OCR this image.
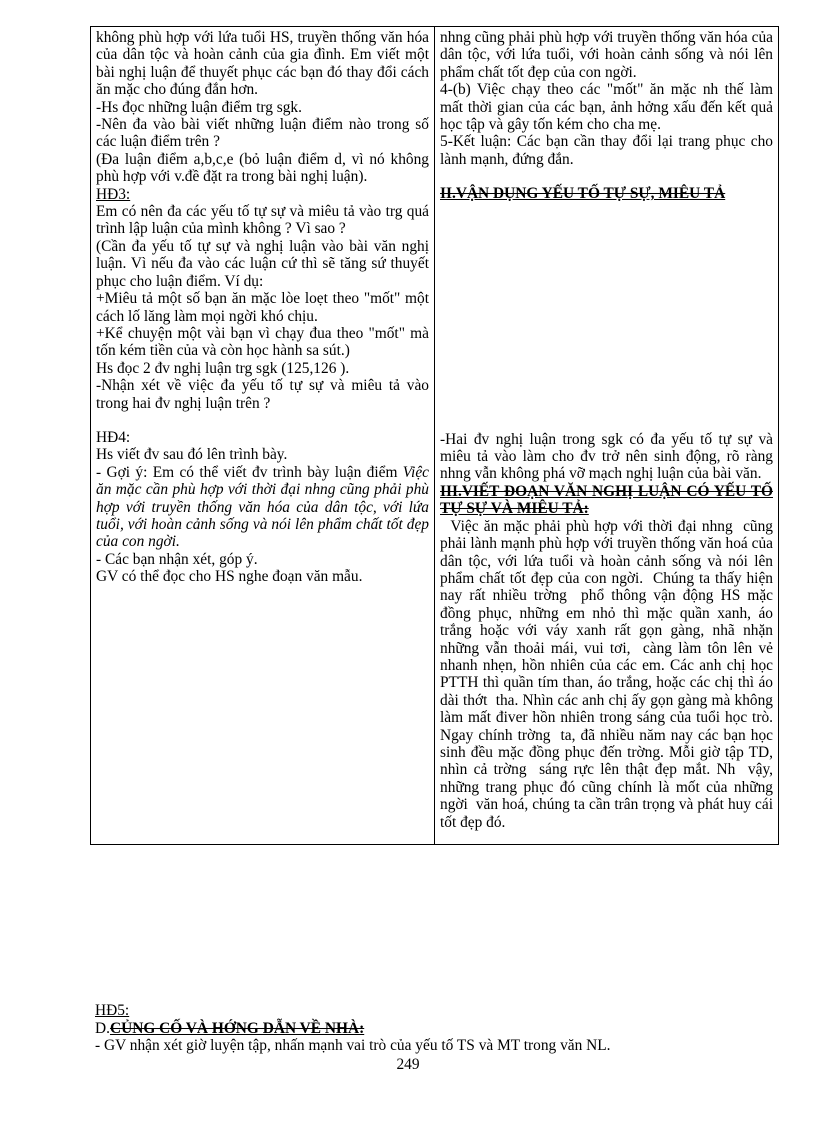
không phù hợp với lứa tuổi HS, truyền thống văn hóa của dân tộc và hoàn cảnh của gia đình. Em viết một bài nghị luận để thuyết phục các bạn đó thay đổi cách ăn mặc cho đúng đắn hơn.

-Hs đọc những luận điểm trg sgk.

-Nên đa vào bài viết những luận điểm nào trong số các luận điểm trên ?

(Đa luận điểm a,b,c,e (bỏ luận điểm d, vì nó không phù hợp với v.đề đặt ra trong bài nghị luận).

HĐ3:

Em có nên đa các yếu tố tự sự và miêu tả vào trg quá trình lập luận của mình không ? Vì sao ?

(Cần đa yếu tố tự sự và nghị luận vào bài văn nghị luận. Vì nếu đa vào các luận cứ thì sẽ tăng sứ thuyết phục cho luận điểm. Ví dụ:

+Miêu tả một số bạn ăn mặc lòe loẹt theo "mốt" một cách lố lăng làm mọi ngời khó chịu.

+Kể chuyện một vài bạn vì chạy đua theo "mốt" mà tốn kém tiền của và còn học hành sa sút.)

Hs đọc 2 đv nghị luận trg sgk (125,126 ).

-Nhận xét về việc đa yếu tố tự sự và miêu tả vào trong hai đv nghị luận trên ?

HĐ4:

Hs viết đv sau đó lên trình bày.

- Gợi ý: Em có thể viết đv trình bày luận điểm Việc ăn mặc cần phù hợp với thời đại nhng cũng phải phù hợp với truyền thống văn hóa của dân tộc, với lứa tuổi, với hoàn cảnh sống và nói lên phẩm chất tốt đẹp của con ngời.

- Các bạn nhận xét, góp ý.

GV có thể đọc cho HS nghe đoạn văn mẫu.

nhng cũng phải phù hợp với truyền thống văn hóa của dân tộc, với lứa tuổi, với hoàn cảnh sống và nói lên phẩm chất tốt đẹp của con ngời.

4-(b) Việc chạy theo các "mốt" ăn mặc nh thế làm mất thời gian của các bạn, ảnh hởng xấu đến kết quả học tập và gây tốn kém cho cha mẹ.

5-Kết luận: Các bạn cần thay đổi lại trang phục cho lành mạnh, đứng đắn.

II.VẬN DỤNG YẾU TỐ TỰ SỰ, MIÊU TẢ

-Hai đv nghị luận trong sgk có đa yếu tố tự sự và miêu tả vào làm cho đv trở nên sinh động, rõ ràng nhng vẫn không phá vỡ mạch nghị luận của bài văn.

III.VIẾT ĐOẠN VĂN NGHỊ LUẬN CÓ YẾU TỐ TỰ SỰ VÀ MIÊU TẢ:

Việc ăn mặc phải phù hợp với thời đại nhng  cũng phải lành mạnh phù hợp với truyền thống văn hoá của dân tộc, với lứa tuổi và hoàn cảnh sống và nói lên phẩm chất tốt đẹp của con ngời.  Chúng ta thấy hiện nay rất nhiều trờng  phổ thông vận động HS mặc đồng phục, những em nhỏ thì mặc quần xanh, áo trắng hoặc với váy xanh rất gọn gàng, nhã nhặn những vẫn thoải mái, vui tơi,  càng làm tôn lên vẻ nhanh nhẹn, hồn nhiên của các em. Các anh chị học PTTH thì quần tím than, áo trắng, hoặc các chị thì áo dài thớt  tha. Nhìn các anh chị ấy gọn gàng mà không làm mất điver hồn nhiên trong sáng của tuổi học trò. Ngay chính trờng  ta, đã nhiều năm nay các bạn học sinh đều mặc đồng phục đến trờng. Mỗi giờ tập TD, nhìn cả trờng  sáng rực lên thật đẹp mắt. Nh  vậy, những trang phục đó cũng chính là mốt của những ngời  văn hoá, chúng ta cần trân trọng và phát huy cái tốt đẹp đó.

HĐ5:
D.CỦNG CỐ VÀ HỚNG DẪN VỀ NHÀ:
- GV nhận xét giờ luyện tập, nhấn mạnh vai trò của yếu tố TS và MT trong văn NL.
249
